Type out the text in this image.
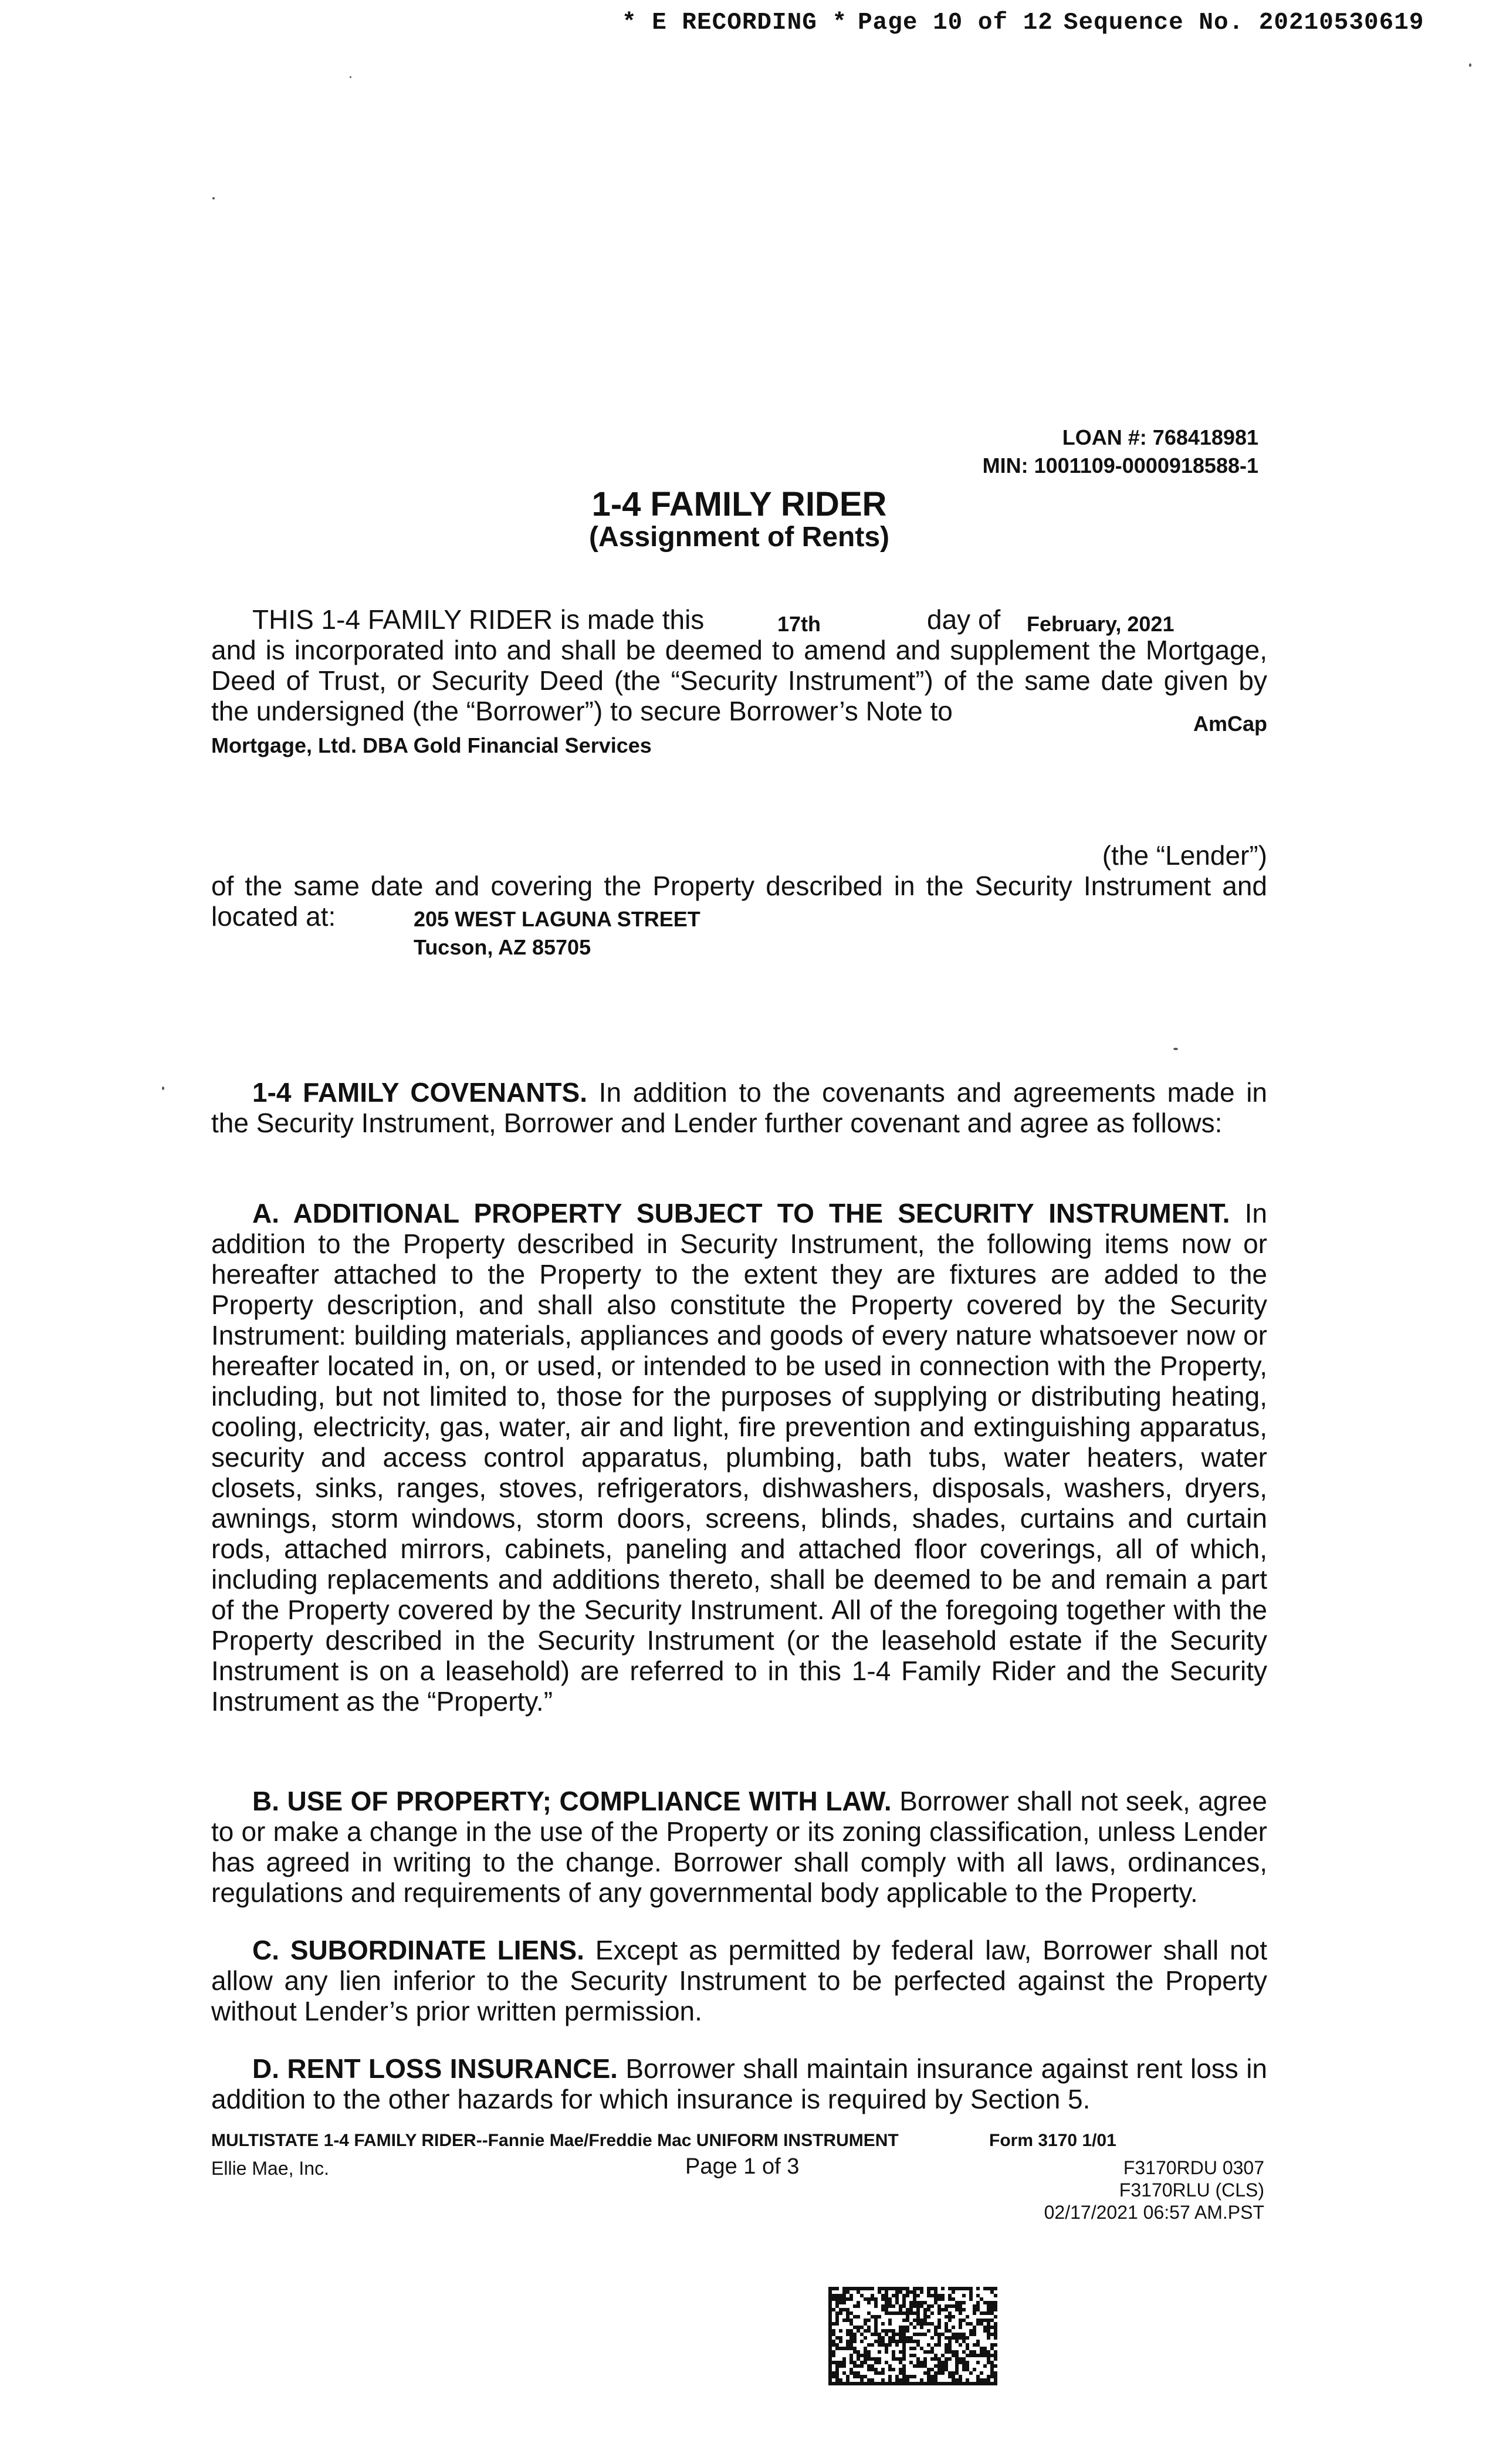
* E RECORDING * Page 10 of 12 Sequence No. 20210530619
LOAN #: 768418981
MIN: 1001109-0000918588-1
1-4 FAMILY RIDER
(Assignment of Rents)
THIS 1-4 FAMILY RIDER is made this	17th	day of February, 2021
and is incorporated into and shall be deemed to amend and supplement the Mortgage, Deed of Trust, or Security Deed (the “Security Instrument”) of the same date given by the undersigned (the “Borrower”) to secure Borrower’s Note to	AmCap
Mortgage, Ltd. DBA Gold Financial Services
(the “Lender”)
of the same date and covering the Property described in the Security Instrument and located at:	205 WEST LAGUNA STREET
Tucson, AZ 85705
1-4 FAMILY COVENANTS. In addition to the covenants and agreements made in the Security Instrument, Borrower and Lender further covenant and agree as follows:
A. ADDITIONAL PROPERTY SUBJECT TO THE SECURITY INSTRUMENT. In addition to the Property described in Security Instrument, the following items now or hereafter attached to the Property to the extent they are fixtures are added to the Property description, and shall also constitute the Property covered by the Security Instrument: building materials, appliances and goods of every nature whatsoever now or hereafter located in, on, or used, or intended to be used in connection with the Property, including, but not limited to, those for the purposes of supplying or distributing heating, cooling, electricity, gas, water, air and light, fire prevention and extinguishing apparatus, security and access control apparatus, plumbing, bath tubs, water heaters, water closets, sinks, ranges, stoves, refrigerators, dishwashers, disposals, washers, dryers, awnings, storm windows, storm doors, screens, blinds, shades, curtains and curtain rods, attached mirrors, cabinets, paneling and attached floor coverings, all of which, including replacements and additions thereto, shall be deemed to be and remain a part of the Property covered by the Security Instrument. All of the foregoing together with the Property described in the Security Instrument (or the leasehold estate if the Security Instrument is on a leasehold) are referred to in this 1-4 Family Rider and the Security Instrument as the “Property.”
B. USE OF PROPERTY; COMPLIANCE WITH LAW. Borrower shall not seek, agree to or make a change in the use of the Property or its zoning classification, unless Lender has agreed in writing to the change. Borrower shall comply with all laws, ordinances, regulations and requirements of any governmental body applicable to the Property.
C. SUBORDINATE LIENS. Except as permitted by federal law, Borrower shall not allow any lien inferior to the Security Instrument to be perfected against the Property without Lender’s prior written permission.
D. RENT LOSS INSURANCE. Borrower shall maintain insurance against rent loss in addition to the other hazards for which insurance is required by Section 5.
MULTISTATE 1-4 FAMILY RIDER--Fannie Mae/Freddie Mac UNIFORM INSTRUMENT	Form 3170 1/01
Ellie Mae, Inc.	Page 1 of 3	F3170RDU 0307
F3170RLU (CLS)
02/17/2021 06:57 AM.PST
